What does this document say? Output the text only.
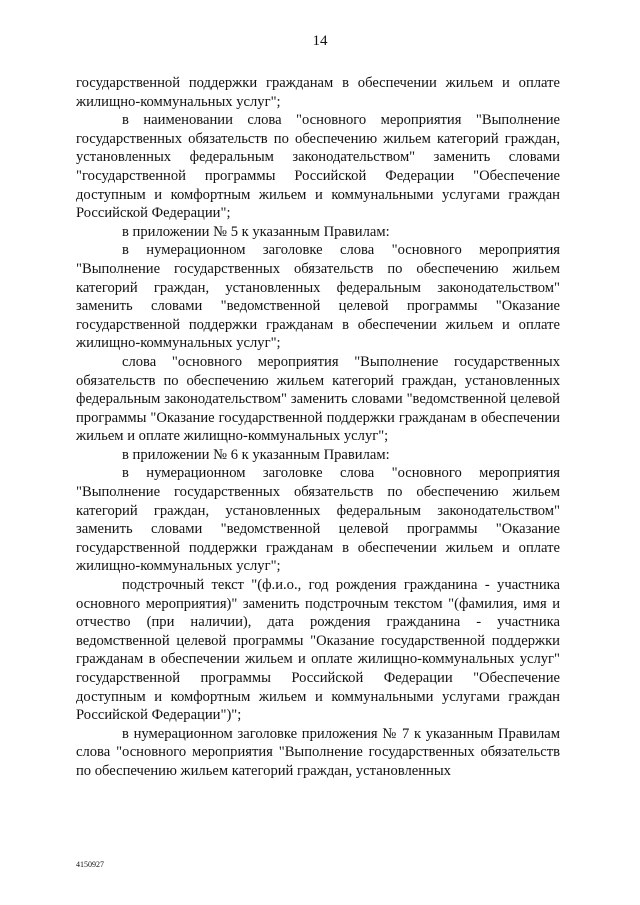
14

государственной поддержки гражданам в обеспечении жильем и оплате жилищно-коммунальных услуг";

в наименовании слова "основного мероприятия "Выполнение государственных обязательств по обеспечению жильем категорий граждан, установленных федеральным законодательством" заменить словами "государственной программы Российской Федерации "Обеспечение доступным и комфортным жильем и коммунальными услугами граждан Российской Федерации";

в приложении № 5 к указанным Правилам:

в нумерационном заголовке слова "основного мероприятия "Выполнение государственных обязательств по обеспечению жильем категорий граждан, установленных федеральным законодательством" заменить словами "ведомственной целевой программы "Оказание государственной поддержки гражданам в обеспечении жильем и оплате жилищно-коммунальных услуг";

слова "основного мероприятия "Выполнение государственных обязательств по обеспечению жильем категорий граждан, установленных федеральным законодательством" заменить словами "ведомственной целевой программы "Оказание государственной поддержки гражданам в обеспечении жильем и оплате жилищно-коммунальных услуг";

в приложении № 6 к указанным Правилам:

в нумерационном заголовке слова "основного мероприятия "Выполнение государственных обязательств по обеспечению жильем категорий граждан, установленных федеральным законодательством" заменить словами "ведомственной целевой программы "Оказание государственной поддержки гражданам в обеспечении жильем и оплате жилищно-коммунальных услуг";

подстрочный текст "(ф.и.о., год рождения гражданина - участника основного мероприятия)" заменить подстрочным текстом "(фамилия, имя и отчество (при наличии), дата рождения гражданина - участника ведомственной целевой программы "Оказание государственной поддержки гражданам в обеспечении жильем и оплате жилищно-коммунальных услуг" государственной программы Российской Федерации "Обеспечение доступным и комфортным жильем и коммунальными услугами граждан Российской Федерации")";

в нумерационном заголовке приложения № 7 к указанным Правилам слова "основного мероприятия "Выполнение государственных обязательств по обеспечению жильем категорий граждан, установленных

4150927
